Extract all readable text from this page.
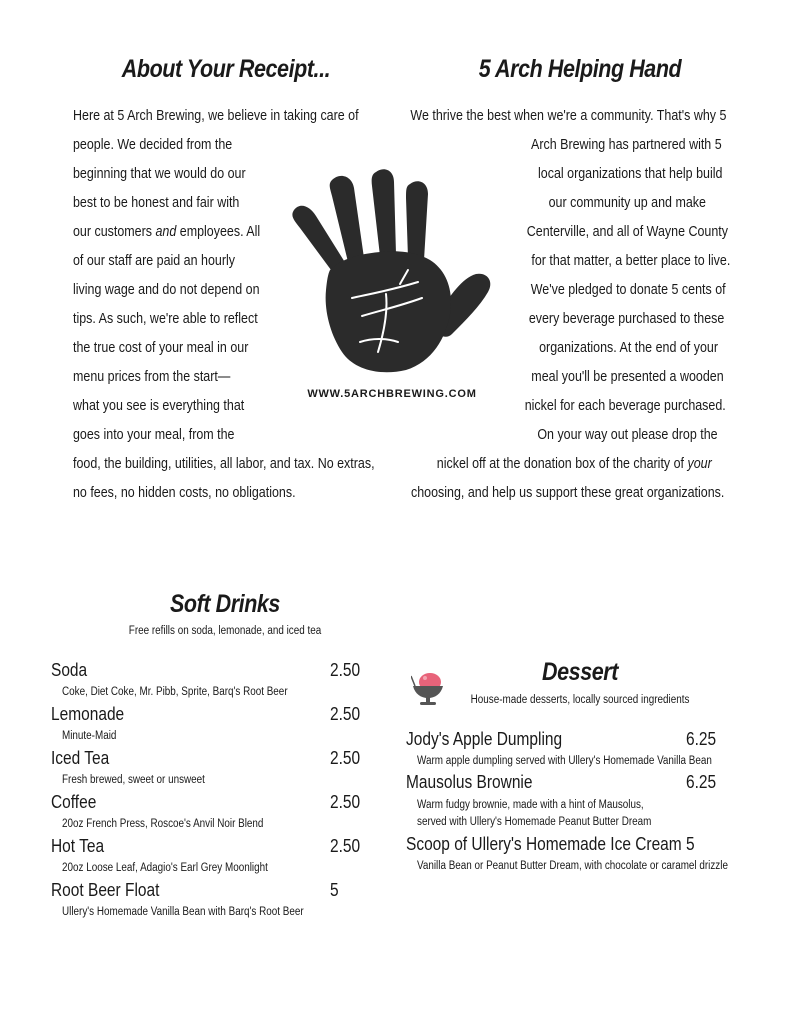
About Your Receipt...
Here at 5 Arch Brewing, we believe in taking care of
people. We decided from the
beginning that we would do our
best to be honest and fair with
our customers and employees. All
of our staff are paid an hourly
living wage and do not depend on
tips. As such, we're able to reflect
the true cost of your meal in our
menu prices from the start—
what you see is everything that
goes into your meal, from the
food, the building, utilities, all labor, and tax. No extras,
no fees, no hidden costs, no obligations.
5 Arch Helping Hand
We thrive the best when we're a community. That's why 5
Arch Brewing has partnered with 5
local organizations that help build
our community up and make
Centerville, and all of Wayne County
for that matter, a better place to live.
We've pledged to donate 5 cents of
every beverage purchased to these
organizations. At the end of your
meal you'll be presented a wooden
nickel for each beverage purchased.
On your way out please drop the
nickel off at the donation box of the charity of your
choosing, and help us support these great organizations.
WWW.5ARCHBREWING.COM
Soft Drinks
Free refills on soda, lemonade, and iced tea
Soda	2.50
Coke, Diet Coke, Mr. Pibb, Sprite, Barq's Root Beer
Lemonade	2.50
Minute-Maid
Iced Tea	2.50
Fresh brewed, sweet or unsweet
Coffee	2.50
20oz French Press, Roscoe's Anvil Noir Blend
Hot Tea	2.50
20oz Loose Leaf, Adagio's Earl Grey Moonlight
Root Beer Float	5
Ullery's Homemade Vanilla Bean with Barq's Root Beer
Dessert
House-made desserts, locally sourced ingredients
Jody's Apple Dumpling	6.25
Warm apple dumpling served with Ullery's Homemade Vanilla Bean
Mausolus Brownie	6.25
Warm fudgy brownie, made with a hint of Mausolus,
served with Ullery's Homemade Peanut Butter Dream
Scoop of Ullery's Homemade Ice Cream 5
Vanilla Bean or Peanut Butter Dream, with chocolate or caramel drizzle
